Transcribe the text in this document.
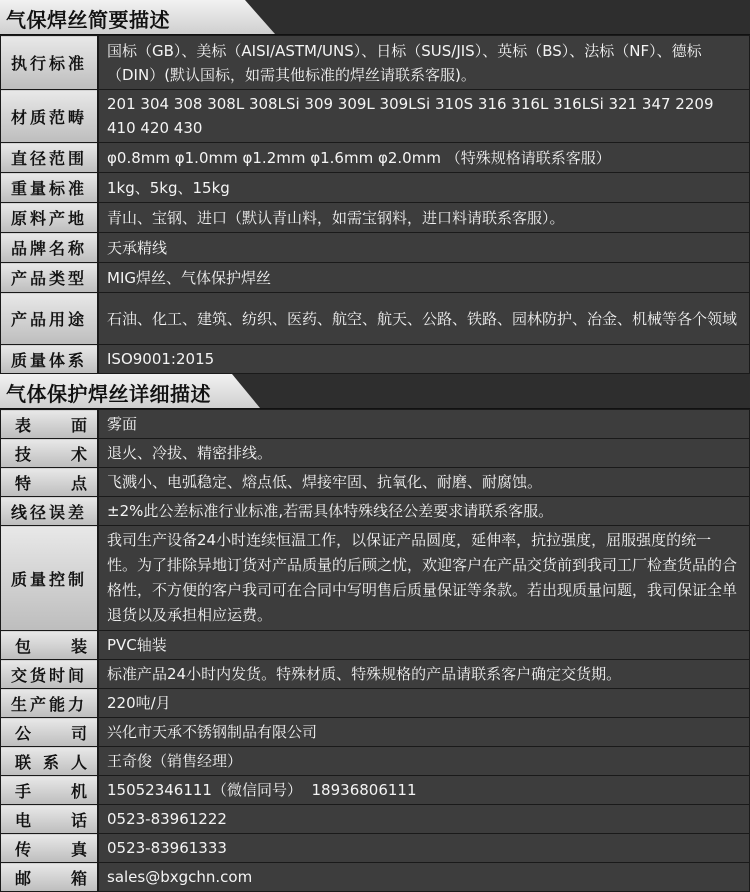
气保焊丝简要描述
执行标准	国标（GB）、美标（AISI/ASTM/UNS）、日标（SUS/JIS）、英标（BS）、法标（NF）、德标（DIN）(默认国标，如需其他标准的焊丝请联系客服)。
材质范畴	201 304 308 308L 308LSi 309 309L 309LSi 310S 316 316L 316LSi 321 347 2209 410 420 430
直径范围	φ0.8mm φ1.0mm φ1.2mm φ1.6mm φ2.0mm （特殊规格请联系客服）
重量标准	1kg、5kg、15kg
原料产地	青山、宝钢、进口（默认青山料，如需宝钢料，进口料请联系客服）。
品牌名称	天承精线
产品类型	MIG焊丝、气体保护焊丝
产品用途	石油、化工、建筑、纺织、医药、航空、航天、公路、铁路、园林防护、冶金、机械等各个领域
质量体系	ISO9001:2015
气体保护焊丝详细描述
表 面	雾面

技 术	退火、冷拔、精密排线。

特 点	飞溅小、电弧稳定、熔点低、焊接牢固、抗氧化、耐磨、耐腐蚀。
线径误差	±2%此公差标准行业标准,若需具体特殊线径公差要求请联系客服。
质量控制	我司生产设备24小时连续恒温工作，以保证产品圆度，延伸率，抗拉强度，屈服强度的统一性。为了排除异地订货对产品质量的后顾之忧，欢迎客户在产品交货前到我司工厂检查货品的合格性，不方便的客户我司可在合同中写明售后质量保证等条款。若出现质量问题，我司保证全单退货以及承担相应运费。

包 装	PVC轴装
交货时间	标准产品24小时内发货。特殊材质、特殊规格的产品请联系客户确定交货期。
生产能力	220吨/月

公 司	兴化市天承不锈钢制品有限公司

联 系 人	王奇俊（销售经理）

手 机	15052346111（微信同号）  18936806111

电 话	0523-83961222

传 真	0523-83961333

邮 箱	sales@bxgchn.com
